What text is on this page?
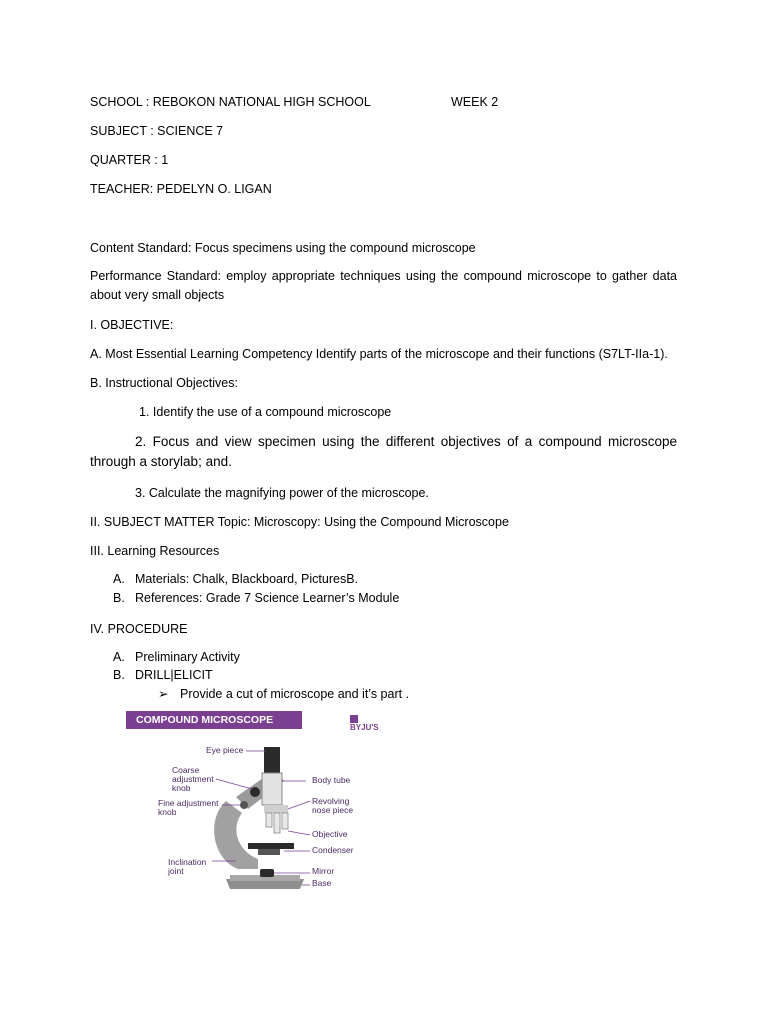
SCHOOL : REBOKON NATIONAL HIGH SCHOOL	WEEK 2
SUBJECT : SCIENCE 7
QUARTER : 1
TEACHER: PEDELYN O. LIGAN
Content Standard: Focus specimens using the compound microscope
Performance Standard: employ appropriate techniques using the compound microscope to gather data about very small objects
I. OBJECTIVE:
A. Most Essential Learning Competency Identify parts of the microscope and their functions (S7LT-IIa-1).
B. Instructional Objectives:
1. Identify the use of a compound microscope
2. Focus and view specimen using the different objectives of a compound microscope through a storylab; and.
3. Calculate the magnifying power of the microscope.
II. SUBJECT MATTER Topic: Microscopy: Using the Compound Microscope
III. Learning Resources
A. Materials: Chalk, Blackboard, PicturesB.
B. References: Grade 7 Science Learner’s Module
IV. PROCEDURE
A. Preliminary Activity
B. DRILL|ELICIT
➢ Provide a cut of microscope and it’s part .
COMPOUND MICROSCOPE
BYJU'S
Eye piece
Coarse
adjustment
knob
Fine adjustment
knob
Inclination
joint
Body tube
Revolving
nose piece
Objective
Condenser
Mirror
Base
